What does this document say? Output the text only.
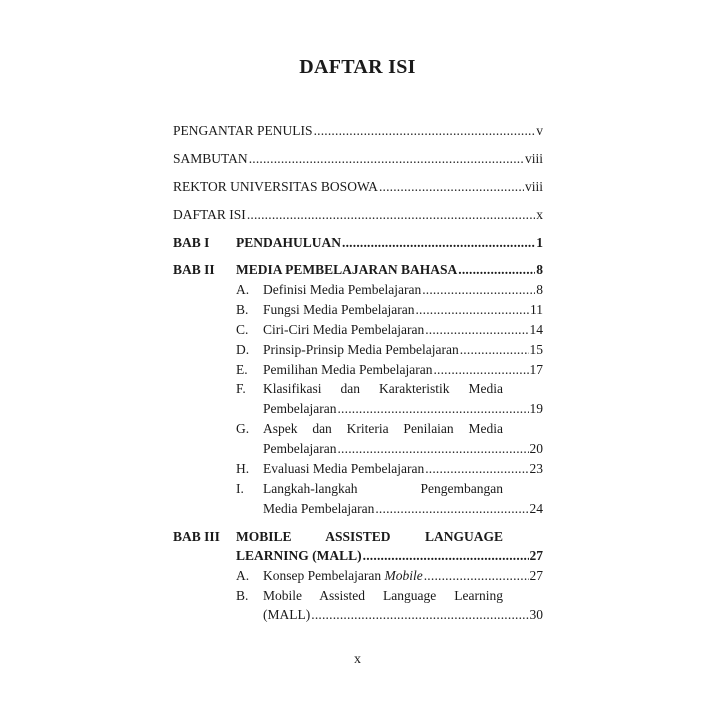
DAFTAR ISI
PENGANTAR PENULIS .....	v
SAMBUTAN .....	viii
REKTOR UNIVERSITAS BOSOWA .....	viii
DAFTAR ISI .....	x
BAB I PENDAHULUAN .....	1
BAB II MEDIA PEMBELAJARAN BAHASA .....	8
A. Definisi Media Pembelajaran .....	8
B. Fungsi Media Pembelajaran .....	11
C. Ciri-Ciri Media Pembelajaran .....	14
D. Prinsip-Prinsip Media Pembelajaran .....	15
E. Pemilihan Media Pembelajaran .....	17
F. Klasifikasi dan Karakteristik Media
Pembelajaran .....	19
G. Aspek dan Kriteria Penilaian Media
Pembelajaran .....	20
H. Evaluasi Media Pembelajaran .....	23
I. Langkah-langkah Pengembangan
Media Pembelajaran .....	24
BAB III MOBILE ASSISTED LANGUAGE
LEARNING (MALL) .....	27
A. Konsep Pembelajaran Mobile .....	27
B. Mobile Assisted Language Learning
(MALL) .....	30
x
